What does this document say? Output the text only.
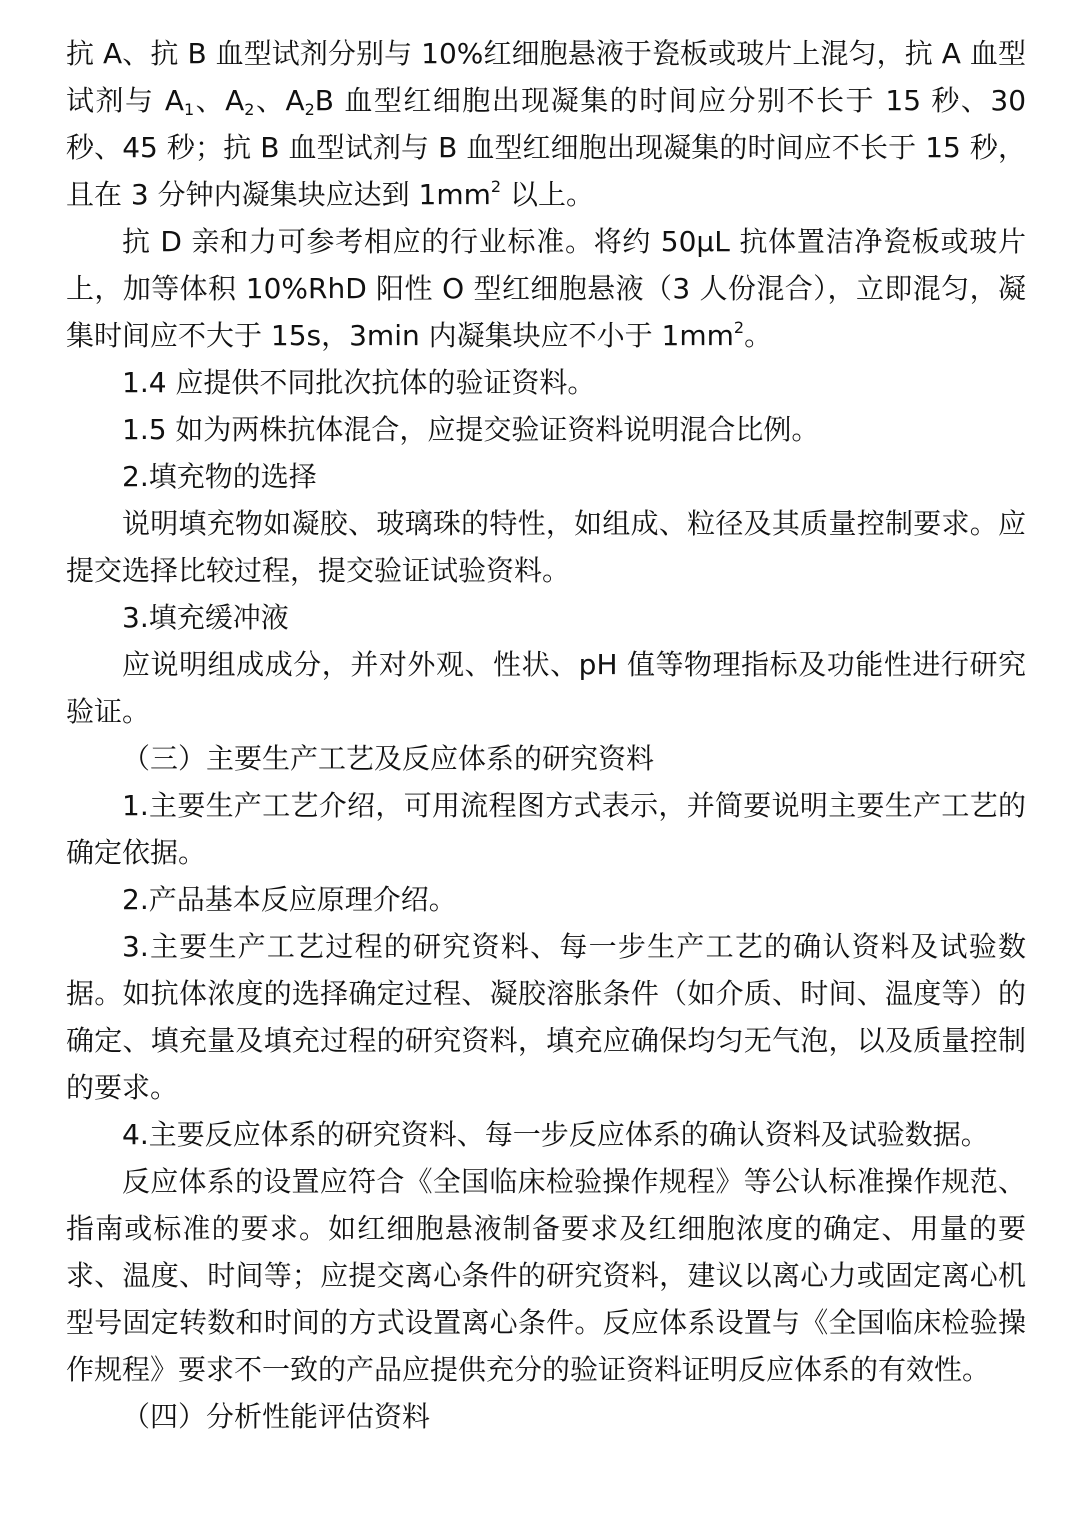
抗 A、抗 B 血型试剂分别与 10%红细胞悬液于瓷板或玻片上混匀，抗 A 血型试剂与 $A_1$、$A_2$、$A_2B$ 血型红细胞出现凝集的时间应分别不长于 15 秒、30 秒、45 秒；抗 B 血型试剂与 B 血型红细胞出现凝集的时间应不长于 15 秒，且在 3 分钟内凝集块应达到 $1mm^2$ 以上。

抗 D 亲和力可参考相应的行业标准。将约 50μL 抗体置洁净瓷板或玻片上，加等体积 10%RhD 阳性 O 型红细胞悬液（3 人份混合），立即混匀，凝集时间应不大于 15s，3min 内凝集块应不小于 $1mm^2$。

1.4 应提供不同批次抗体的验证资料。

1.5 如为两株抗体混合，应提交验证资料说明混合比例。

2.填充物的选择

说明填充物如凝胶、玻璃珠的特性，如组成、粒径及其质量控制要求。应提交选择比较过程，提交验证试验资料。

3.填充缓冲液

应说明组成成分，并对外观、性状、pH 值等物理指标及功能性进行研究验证。

（三）主要生产工艺及反应体系的研究资料

1.主要生产工艺介绍，可用流程图方式表示，并简要说明主要生产工艺的确定依据。

2.产品基本反应原理介绍。

3.主要生产工艺过程的研究资料、每一步生产工艺的确认资料及试验数据。如抗体浓度的选择确定过程、凝胶溶胀条件（如介质、时间、温度等）的确定、填充量及填充过程的研究资料，填充应确保均匀无气泡，以及质量控制的要求。

4.主要反应体系的研究资料、每一步反应体系的确认资料及试验数据。

反应体系的设置应符合《全国临床检验操作规程》等公认标准操作规范、指南或标准的要求。如红细胞悬液制备要求及红细胞浓度的确定、用量的要求、温度、时间等；应提交离心条件的研究资料，建议以离心力或固定离心机型号固定转数和时间的方式设置离心条件。反应体系设置与《全国临床检验操作规程》要求不一致的产品应提供充分的验证资料证明反应体系的有效性。

（四）分析性能评估资料
